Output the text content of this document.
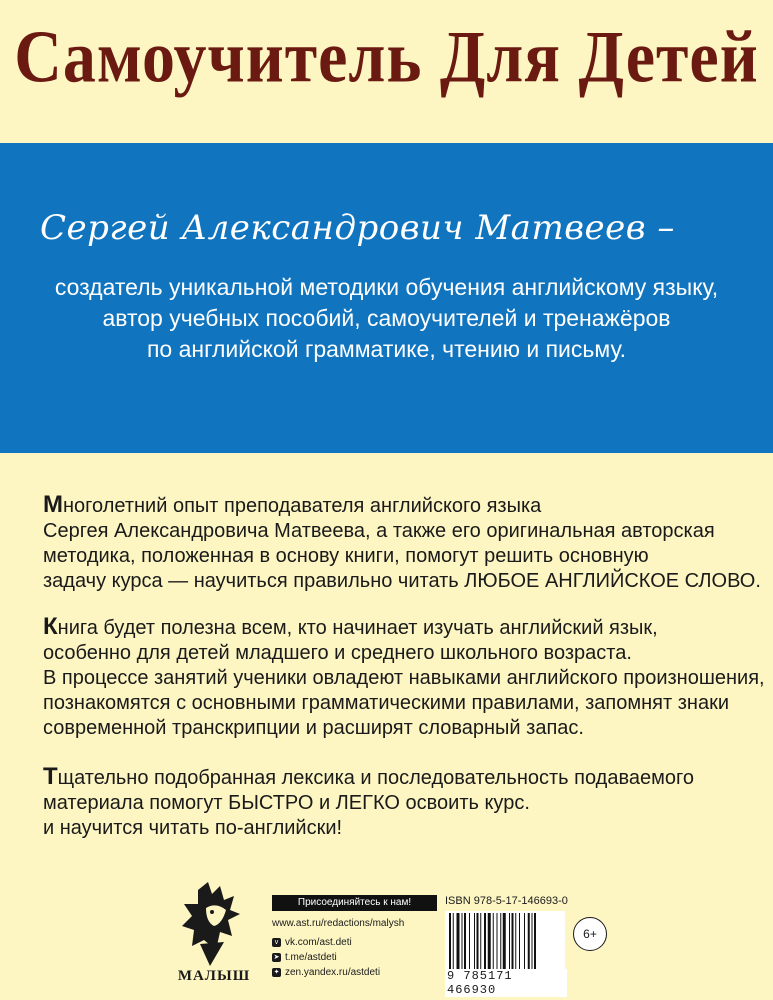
Самоучитель Для Детей
Сергей Александрович Матвеев –
создатель уникальной методики обучения английскому языку,
автор учебных пособий, самоучителей и тренажёров
по английской грамматике, чтению и письму.
Многолетний опыт преподавателя английского языка
Сергея Александровича Матвеева, а также его оригинальная авторская
методика, положенная в основу книги, помогут решить основную
задачу курса — научиться правильно читать ЛЮБОЕ АНГЛИЙСКОЕ СЛОВО.
Книга будет полезна всем, кто начинает изучать английский язык,
особенно для детей младшего и среднего школьного возраста.
В процессе занятий ученики овладеют навыками английского произношения,
познакомятся с основными грамматическими правилами, запомнят знаки
современной транскрипции и расширят словарный запас.
Тщательно подобранная лексика и последовательность подаваемого
материала помогут БЫСТРО и ЛЕГКО освоить курс.
и научится читать по-английски!
МАЛЫШ
Присоединяйтесь к нам!
www.ast.ru/redactions/malysh
v vk.com/ast.deti
➤ t.me/astdeti
✦ zen.yandex.ru/astdeti
ISBN 978-5-17-146693-0
9 785171 466930
6+
